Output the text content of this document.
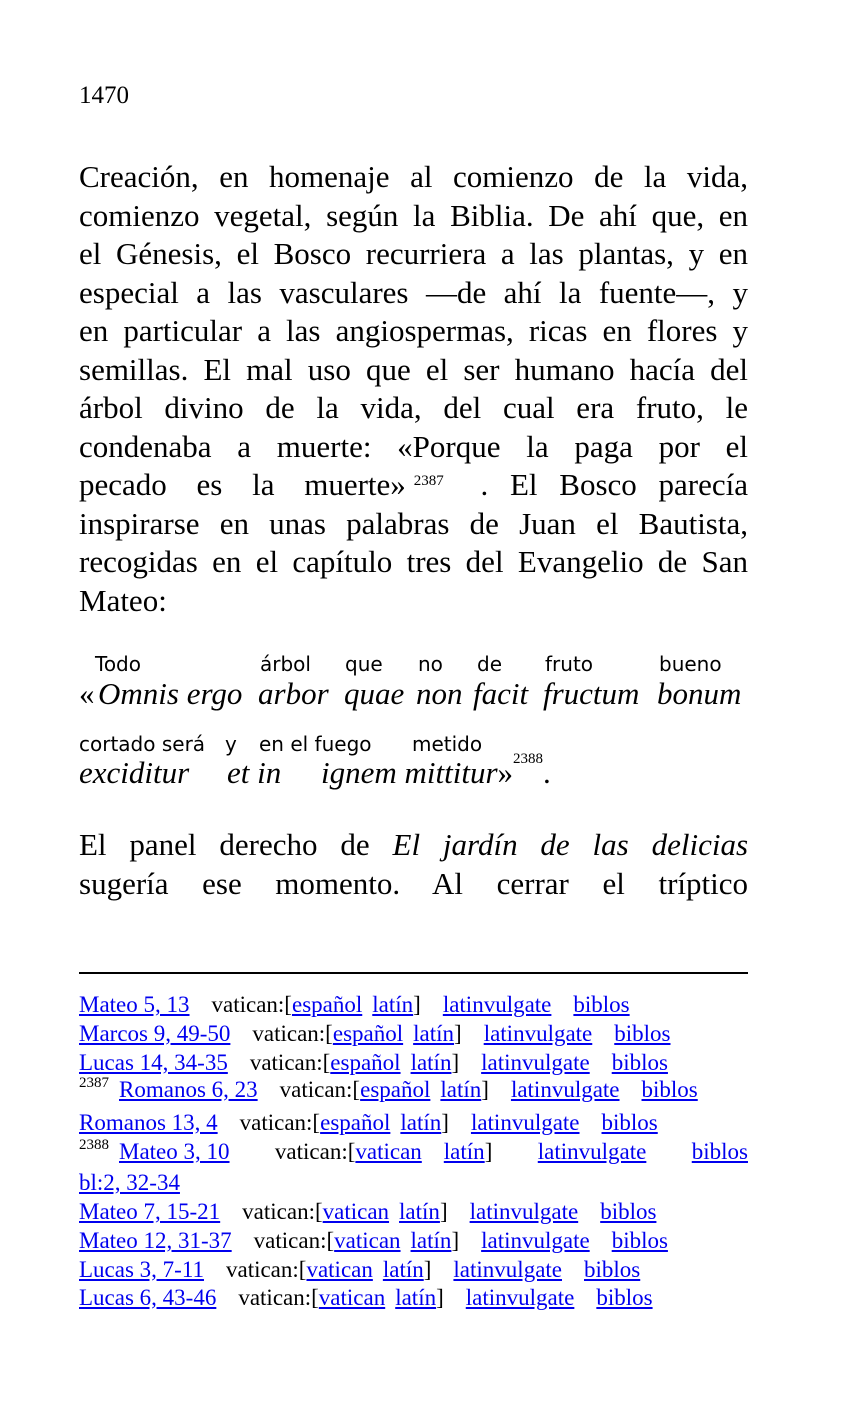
1470
Creación, en homenaje al comienzo de la vida,
comienzo vegetal, según la Biblia. De ahí que, en
el Génesis, el Bosco recurriera a las plantas, y en
especial a las vasculares —de ahí la fuente—, y
en particular a las angiospermas, ricas en flores y
semillas. El mal uso que el ser humano hacía del
árbol divino de la vida, del cual era fruto, le
condenaba a muerte: «Porque la paga por el
pecado es la muerte» $^{2387}$ . El Bosco parecía
inspirarse en unas palabras de Juan el Bautista,
recogidas en el capítulo tres del Evangelio de San
Mateo:
Todo	árbol que no de fruto	bueno
« Omnis ergo arbor quae non facit fructum bonum
cortado será y en el fuego metido
exciditur et in ignem mittitur»$^{2388}$.
El panel derecho de El jardín de las delicias
sugería ese momento. Al cerrar el tríptico
Mateo 5, 13 vatican:[español latín] latinvulgate biblos
Marcos 9, 49-50 vatican:[español latín] latinvulgate biblos
Lucas 14, 34-35 vatican:[español latín] latinvulgate biblos
$^{2387}$ Romanos 6, 23 vatican:[español latín] latinvulgate biblos
Romanos 13, 4 vatican:[español latín] latinvulgate biblos
$^{2388}$ Mateo 3, 10 vatican:[vatican latín] latinvulgate biblos
bl:2, 32-34
Mateo 7, 15-21 vatican:[vatican latín] latinvulgate biblos
Mateo 12, 31-37 vatican:[vatican latín] latinvulgate biblos
Lucas 3, 7-11 vatican:[vatican latín] latinvulgate biblos
Lucas 6, 43-46 vatican:[vatican latín] latinvulgate biblos
